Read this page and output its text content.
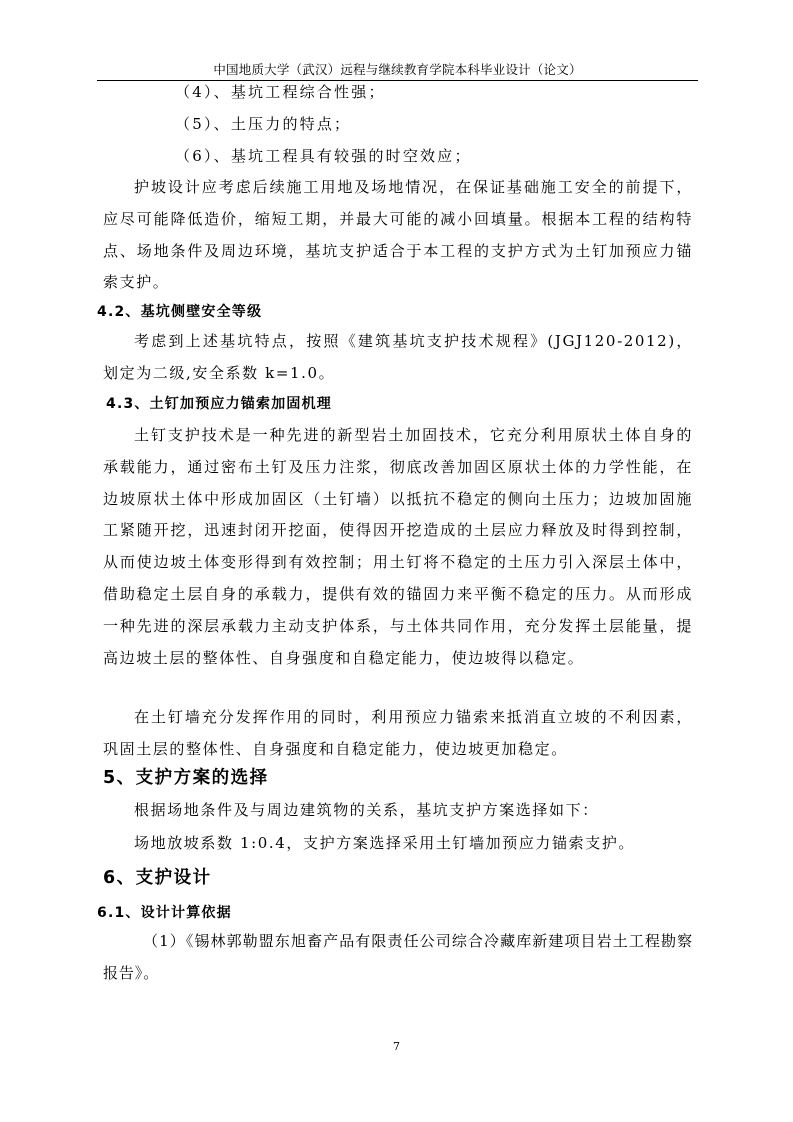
中国地质大学（武汉）远程与继续教育学院本科毕业设计（论文）
（4）、基坑工程综合性强；
（5）、土压力的特点；
（6）、基坑工程具有较强的时空效应；

护坡设计应考虑后续施工用地及场地情况，在保证基础施工安全的前提下，应尽可能降低造价，缩短工期，并最大可能的减小回填量。根据本工程的结构特点、场地条件及周边环境，基坑支护适合于本工程的支护方式为土钉加预应力锚索支护。

4.2、基坑侧壁安全等级

考虑到上述基坑特点，按照《建筑基坑支护技术规程》(JGJ120-2012)，划定为二级,安全系数 k=1.0。

4.3、土钉加预应力锚索加固机理

土钉支护技术是一种先进的新型岩土加固技术，它充分利用原状土体自身的承载能力，通过密布土钉及压力注浆，彻底改善加固区原状土体的力学性能，在边坡原状土体中形成加固区（土钉墙）以抵抗不稳定的侧向土压力；边坡加固施工紧随开挖，迅速封闭开挖面，使得因开挖造成的土层应力释放及时得到控制，从而使边坡土体变形得到有效控制；用土钉将不稳定的土压力引入深层土体中，借助稳定土层自身的承载力，提供有效的锚固力来平衡不稳定的压力。从而形成一种先进的深层承载力主动支护体系，与土体共同作用，充分发挥土层能量，提高边坡土层的整体性、自身强度和自稳定能力，使边坡得以稳定。

在土钉墙充分发挥作用的同时，利用预应力锚索来抵消直立坡的不利因素，巩固土层的整体性、自身强度和自稳定能力，使边坡更加稳定。

5、支护方案的选择
根据场地条件及与周边建筑物的关系，基坑支护方案选择如下：
场地放坡系数 1:0.4，支护方案选择采用土钉墙加预应力锚索支护。
6、支护设计
6.1、设计计算依据

（1）《锡林郭勒盟东旭畜产品有限责任公司综合冷藏库新建项目岩土工程勘察报告》。

7
